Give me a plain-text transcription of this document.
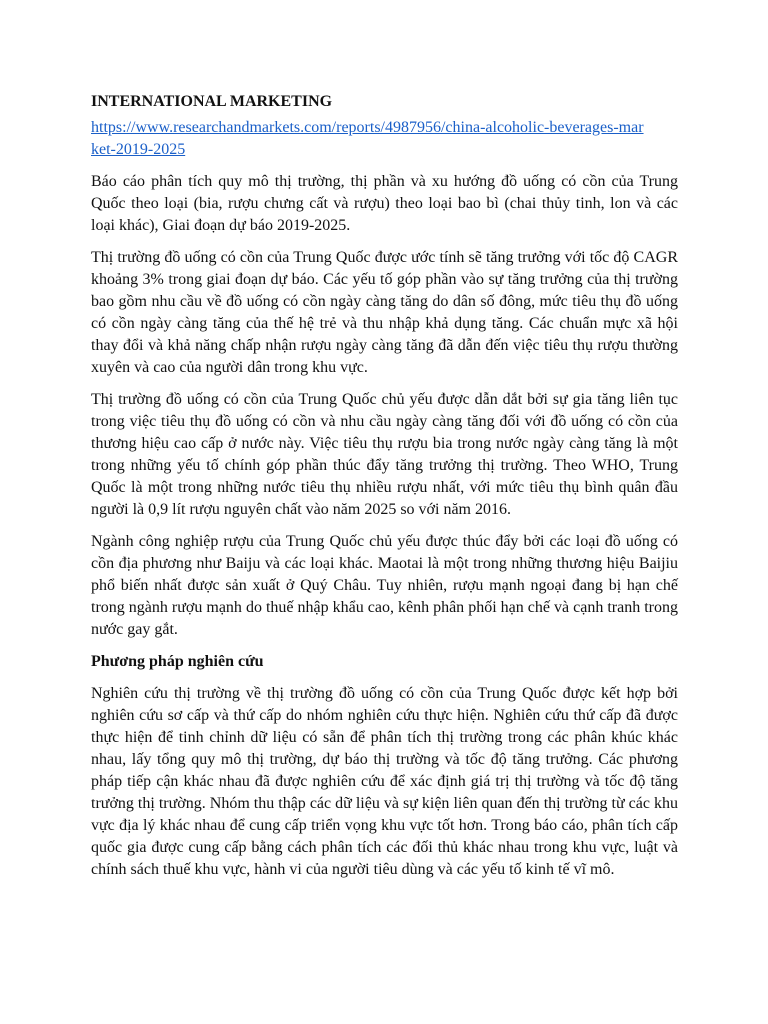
INTERNATIONAL MARKETING
https://www.researchandmarkets.com/reports/4987956/china-alcoholic-beverages-market-2019-2025

Báo cáo phân tích quy mô thị trường, thị phần và xu hướng đồ uống có cồn của Trung Quốc theo loại (bia, rượu chưng cất và rượu) theo loại bao bì (chai thủy tinh, lon và các loại khác), Giai đoạn dự báo 2019-2025.

Thị trường đồ uống có cồn của Trung Quốc được ước tính sẽ tăng trưởng với tốc độ CAGR khoảng 3% trong giai đoạn dự báo. Các yếu tố góp phần vào sự tăng trưởng của thị trường bao gồm nhu cầu về đồ uống có cồn ngày càng tăng do dân số đông, mức tiêu thụ đồ uống có cồn ngày càng tăng của thế hệ trẻ và thu nhập khả dụng tăng. Các chuẩn mực xã hội thay đổi và khả năng chấp nhận rượu ngày càng tăng đã dẫn đến việc tiêu thụ rượu thường xuyên và cao của người dân trong khu vực.

Thị trường đồ uống có cồn của Trung Quốc chủ yếu được dẫn dắt bởi sự gia tăng liên tục trong việc tiêu thụ đồ uống có cồn và nhu cầu ngày càng tăng đối với đồ uống có cồn của thương hiệu cao cấp ở nước này. Việc tiêu thụ rượu bia trong nước ngày càng tăng là một trong những yếu tố chính góp phần thúc đẩy tăng trưởng thị trường. Theo WHO, Trung Quốc là một trong những nước tiêu thụ nhiều rượu nhất, với mức tiêu thụ bình quân đầu người là 0,9 lít rượu nguyên chất vào năm 2025 so với năm 2016.

Ngành công nghiệp rượu của Trung Quốc chủ yếu được thúc đẩy bởi các loại đồ uống có cồn địa phương như Baiju và các loại khác. Maotai là một trong những thương hiệu Baijiu phổ biến nhất được sản xuất ở Quý Châu. Tuy nhiên, rượu mạnh ngoại đang bị hạn chế trong ngành rượu mạnh do thuế nhập khẩu cao, kênh phân phối hạn chế và cạnh tranh trong nước gay gắt.

Phương pháp nghiên cứu

Nghiên cứu thị trường về thị trường đồ uống có cồn của Trung Quốc được kết hợp bởi nghiên cứu sơ cấp và thứ cấp do nhóm nghiên cứu thực hiện. Nghiên cứu thứ cấp đã được thực hiện để tinh chỉnh dữ liệu có sẵn để phân tích thị trường trong các phân khúc khác nhau, lấy tổng quy mô thị trường, dự báo thị trường và tốc độ tăng trưởng. Các phương pháp tiếp cận khác nhau đã được nghiên cứu để xác định giá trị thị trường và tốc độ tăng trưởng thị trường. Nhóm thu thập các dữ liệu và sự kiện liên quan đến thị trường từ các khu vực địa lý khác nhau để cung cấp triển vọng khu vực tốt hơn. Trong báo cáo, phân tích cấp quốc gia được cung cấp bằng cách phân tích các đối thủ khác nhau trong khu vực, luật và chính sách thuế khu vực, hành vi của người tiêu dùng và các yếu tố kinh tế vĩ mô.
